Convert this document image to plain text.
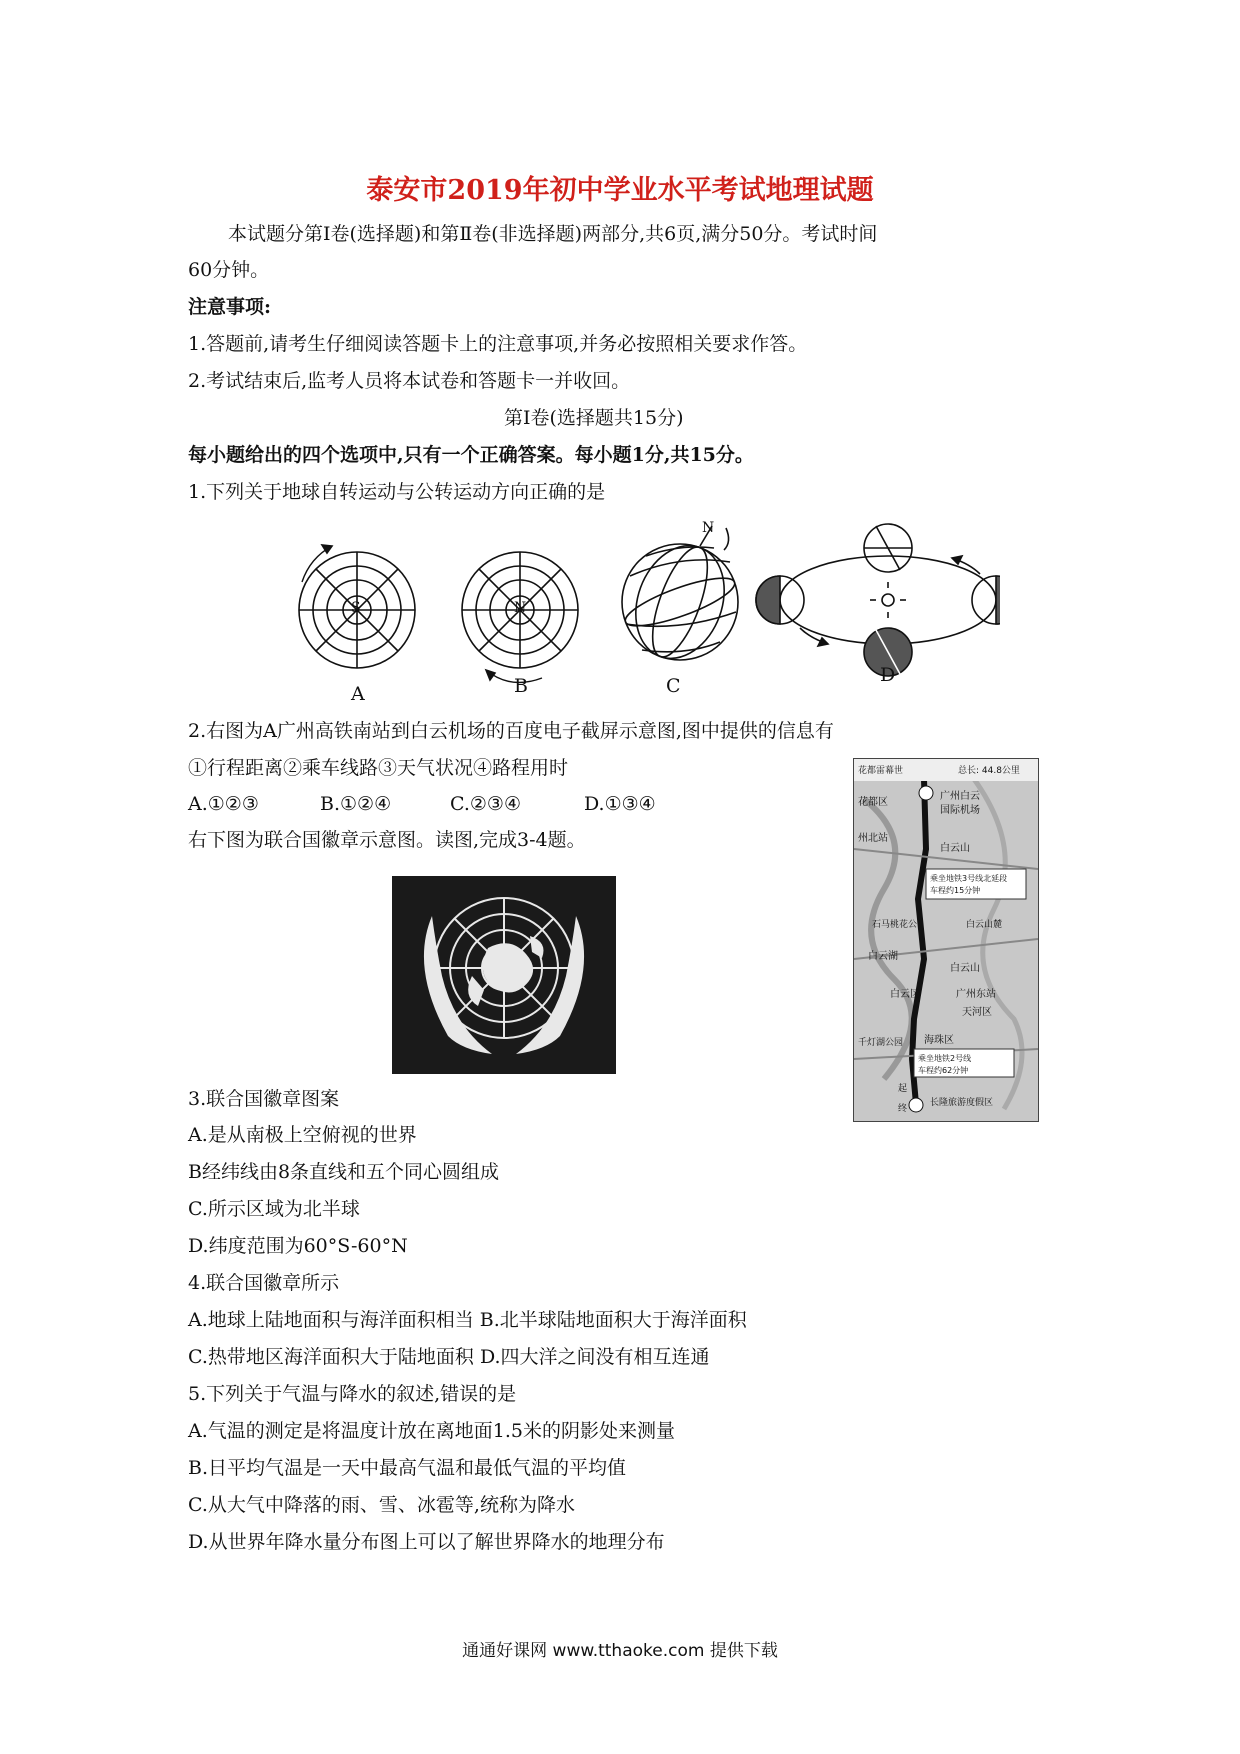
泰安市2019年初中学业水平考试地理试题
本试题分第Ⅰ卷(选择题)和第Ⅱ卷(非选择题)两部分,共6页,满分50分。考试时间
60分钟。
注意事项:
1.答题前,请考生仔细阅读答题卡上的注意事项,并务必按照相关要求作答。
2.考试结束后,监考人员将本试卷和答题卡一并收回。
第Ⅰ卷(选择题共15分)
每小题给出的四个选项中,只有一个正确答案。每小题1分,共15分。
1.下列关于地球自转运动与公转运动方向正确的是
S	N
N
A	B	C	D
2.右图为A广州高铁南站到白云机场的百度电子截屏示意图,图中提供的信息有
①行程距离②乘车线路③天气状况④路程用时
A.①②③	B.①②④	C.②③④	D.①③④
右下图为联合国徽章示意图。读图,完成3-4题。
花都雷幕世	总长: 44.8公里
花都区
广州白云
国际机场
州北站
白云山
乘坐地铁3号线北延段
车程约15分钟
石马桃花公	白云山麓
白云湖
白云山
白云区	广州东站
天河区
海珠区
千灯湖公园
乘坐地铁2号线
车程约62分钟
长隆旅游度假区
起
终
3.联合国徽章图案
A.是从南极上空俯视的世界
B经纬线由8条直线和五个同心圆组成
C.所示区域为北半球
D.纬度范围为60°S-60°N
4.联合国徽章所示
A.地球上陆地面积与海洋面积相当 B.北半球陆地面积大于海洋面积
C.热带地区海洋面积大于陆地面积 D.四大洋之间没有相互连通
5.下列关于气温与降水的叙述,错误的是
A.气温的测定是将温度计放在离地面1.5米的阴影处来测量
B.日平均气温是一天中最高气温和最低气温的平均值
C.从大气中降落的雨、雪、冰雹等,统称为降水
D.从世界年降水量分布图上可以了解世界降水的地理分布
通通好课网 www.tthaoke.com 提供下载
